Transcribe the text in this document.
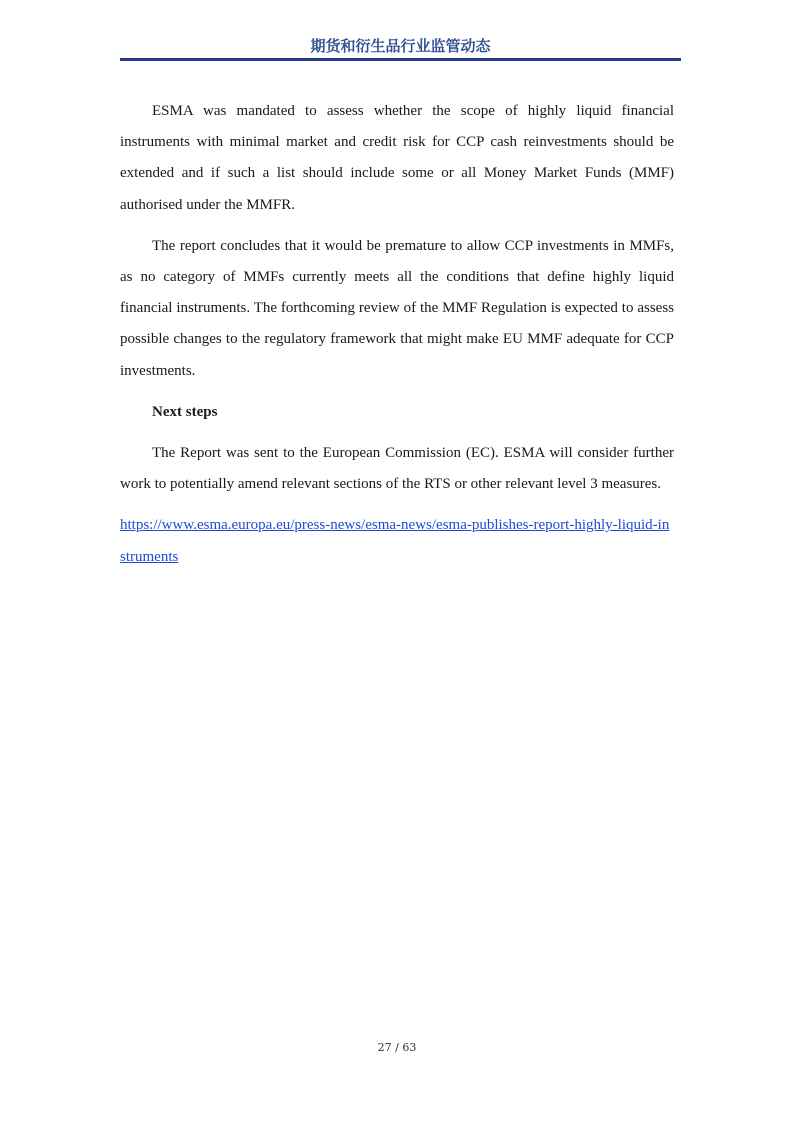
期货和衍生品行业监管动态

ESMA was mandated to assess whether the scope of highly liquid financial instruments with minimal market and credit risk for CCP cash reinvestments should be extended and if such a list should include some or all Money Market Funds (MMF) authorised under the MMFR.

The report concludes that it would be premature to allow CCP investments in MMFs, as no category of MMFs currently meets all the conditions that define highly liquid financial instruments. The forthcoming review of the MMF Regulation is expected to assess possible changes to the regulatory framework that might make EU MMF adequate for CCP investments.

Next steps

The Report was sent to the European Commission (EC). ESMA will consider further work to potentially amend relevant sections of the RTS or other relevant level 3 measures.

https://www.esma.europa.eu/press-news/esma-news/esma-publishes-report-highly-liquid-instruments

27 / 63
